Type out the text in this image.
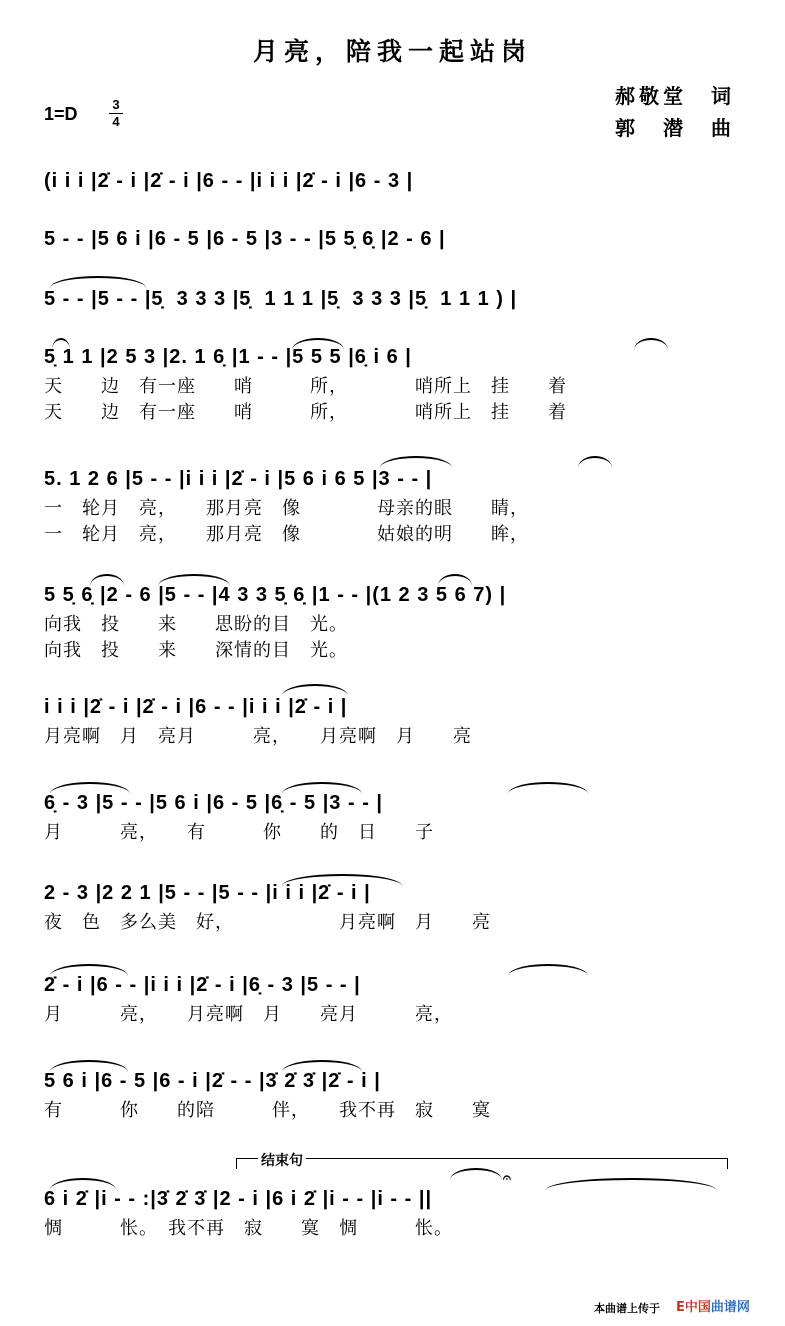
月亮，陪我一起站岗
1=D	3
4
郝敬堂　词
郭　潜　曲
(i i i |2̇ - i |2̇ - i |6 - - |i i i |2̇ - i |6 - 3 |
5 - - |5 6 i |6 - 5 |6 - 5 |3 - - |5 5̣ 6̣ |2 - 6 |
5 - - |5 - - |5̣  3 3 3 |5̣  1 1 1 |5̣  3 3 3 |5̣  1 1 1 ) |
5̣ 1 1 |2 5 3 |2. 1 6̣ |1 - - |5 5 5 |6̣ i 6 |
天　　边　有一座　　哨　　　所，　　　　哨所上　挂　　着
天　　边　有一座　　哨　　　所，　　　　哨所上　挂　　着
5. 1 2 6 |5 - - |i i i |2̇ - i |5 6 i 6 5 |3 - - |
一　轮月　亮，　　那月亮　像　　　　母亲的眼　　睛，
一　轮月　亮，　　那月亮　像　　　　姑娘的明　　眸，
5 5̣ 6̣ |2 - 6 |5 - - |4 3 3 5̣ 6̣ |1 - - |(1 2 3 5 6 7) |
向我　投　　来　　思盼的目　光。
向我　投　　来　　深情的目　光。
i i i |2̇ - i |2̇ - i |6 - - |i i i |2̇ - i |
月亮啊　月　亮月　　　亮，　　月亮啊　月　　亮
6̣ - 3 |5 - - |5 6 i |6 - 5 |6̣ - 5 |3 - - |
月　　　亮，　　有　　　你　　的　日　　子
2 - 3 |2 2 1 |5 - - |5 - - |i i i |2̇ - i |
夜　色　多么美　好，　　　　　　月亮啊　月　　亮
2̇ - i |6 - - |i i i |2̇ - i |6̣ - 3 |5 - - |
月　　　亮，　　月亮啊　月　　亮月　　　亮，
5 6 i |6 - 5 |6 - i |2̇ - - |3̇ 2̇ 3̇ |2̇ - i |
有　　　你　　的陪　　　伴，　　我不再　寂　　寞
6 i 2̇ |i - - :|3̇ 2̇ 3̇ |2 - i |6 i 2̇ |i - - |i - - ||
惆　　　怅。　我不再　寂　　寞　惆　　　怅。
结束句
𝄐
本曲谱上传于 E中国曲谱网
